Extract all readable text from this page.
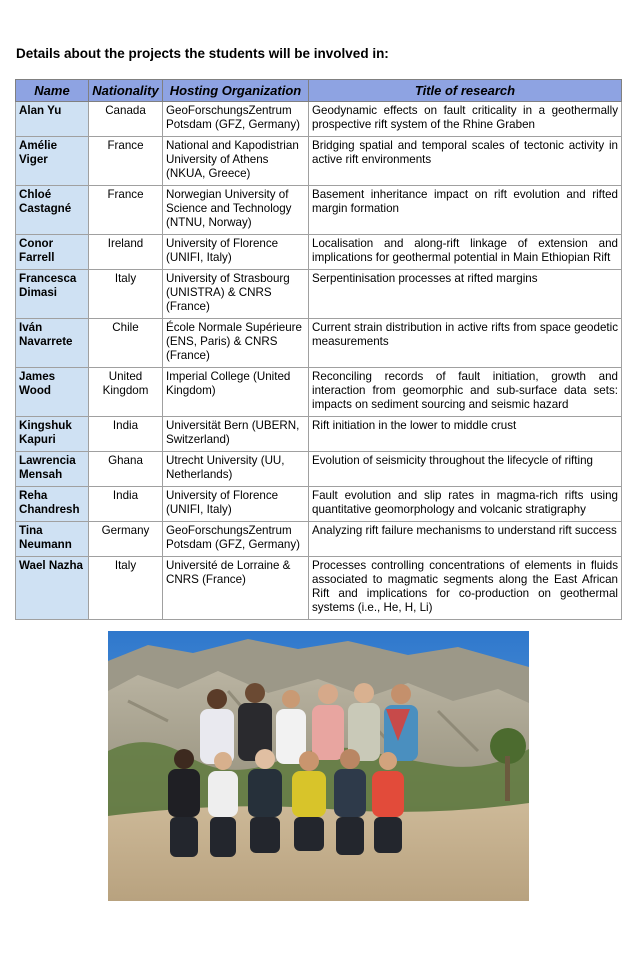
Details about the projects the students will be involved in:
Name	Nationality	Hosting Organization	Title of research
Alan Yu	Canada	GeoForschungsZentrum Potsdam (GFZ, Germany)	Geodynamic effects on fault criticality in a geothermally prospective rift system of the Rhine Graben
Amélie Viger	France	National and Kapodistrian University of Athens (NKUA, Greece)	Bridging spatial and temporal scales of tectonic activity in active rift environments
Chloé Castagné	France	Norwegian University of Science and Technology (NTNU, Norway)	Basement inheritance impact on rift evolution and rifted margin formation
Conor Farrell	Ireland	University of Florence (UNIFI, Italy)	Localisation and along-rift linkage of extension and implications for geothermal potential in Main Ethiopian Rift
Francesca Dimasi	Italy	University of Strasbourg (UNISTRA) & CNRS (France)	Serpentinisation processes at rifted margins
Iván Navarrete	Chile	École Normale Supérieure (ENS, Paris) & CNRS (France)	Current strain distribution in active rifts from space geodetic measurements
James Wood	United Kingdom	Imperial College (United Kingdom)	Reconciling records of fault initiation, growth and interaction from geomorphic and sub-surface data sets: impacts on sediment sourcing and seismic hazard
Kingshuk Kapuri	India	Universität Bern (UBERN, Switzerland)	Rift initiation in the lower to middle crust
Lawrencia Mensah	Ghana	Utrecht University (UU, Netherlands)	Evolution of seismicity throughout the lifecycle of rifting
Reha Chandresh	India	University of Florence (UNIFI, Italy)	Fault evolution and slip rates in magma-rich rifts using quantitative geomorphology and volcanic stratigraphy
Tina Neumann	Germany	GeoForschungsZentrum Potsdam (GFZ, Germany)	Analyzing rift failure mechanisms to understand rift success
Wael Nazha	Italy	Université de Lorraine & CNRS (France)	Processes controlling concentrations of elements in fluids associated to magmatic segments along the East African Rift and implications for co-production on geothermal systems (i.e., He, H, Li)
